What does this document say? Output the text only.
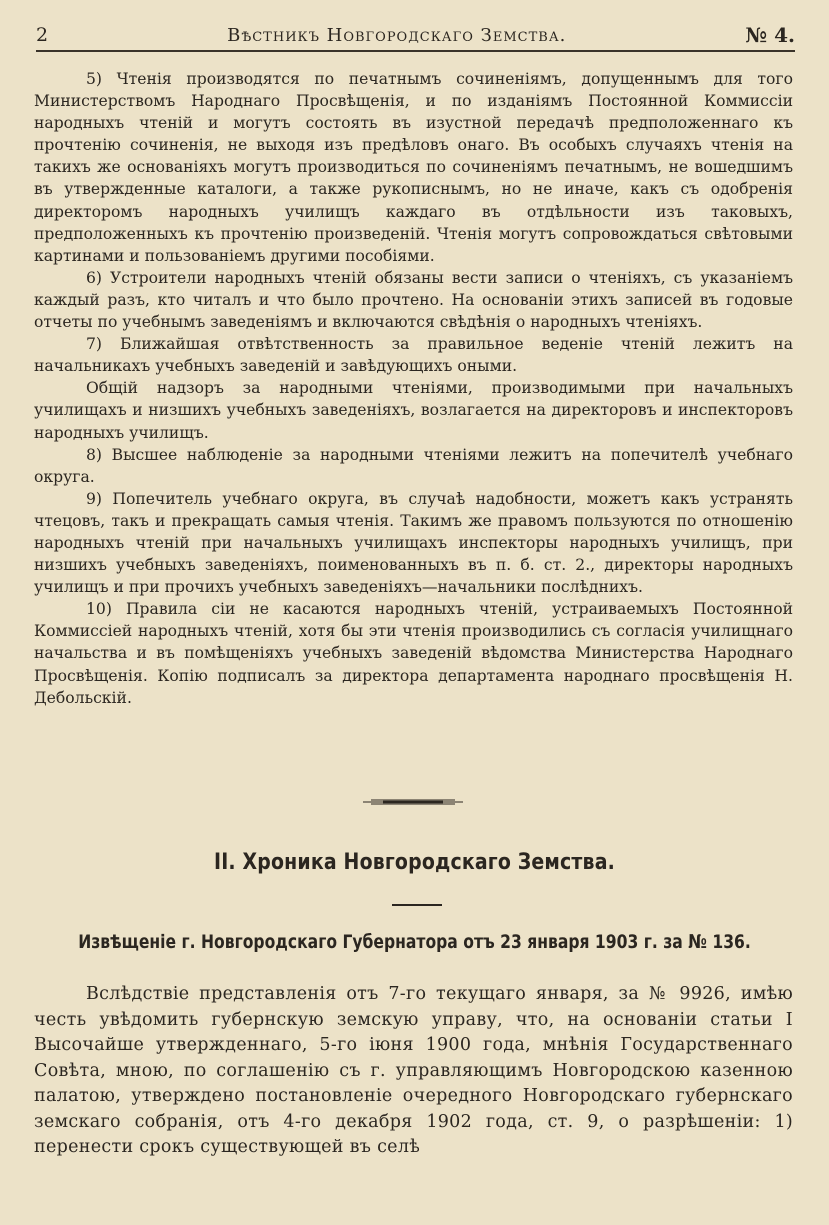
2	Вѣстникъ Новгородскаго Земства.	№ 4.

5) Чтенія производятся по печатнымъ сочиненіямъ, допущеннымъ для того Министерствомъ Народнаго Просвѣщенія, и по изданіямъ Постоянной Коммиссіи народныхъ чтеній и могутъ состоять въ изустной передачѣ предположеннаго къ прочтенію сочиненія, не выходя изъ предѣловъ онаго. Въ особыхъ случаяхъ чтенія на такихъ же основаніяхъ могутъ производиться по сочиненіямъ печатнымъ, не вошедшимъ въ утвержденные каталоги, а также рукописнымъ, но не иначе, какъ съ одобренія директоромъ народныхъ училищъ каждаго въ отдѣльности изъ таковыхъ, предположенныхъ къ прочтенію произведеній. Чтенія могутъ сопровождаться свѣтовыми картинами и пользованіемъ другими пособіями.

6) Устроители народныхъ чтеній обязаны вести записи о чтеніяхъ, съ указаніемъ каждый разъ, кто читалъ и что было прочтено. На основаніи этихъ записей въ годовые отчеты по учебнымъ заведеніямъ и включаются свѣдѣнія о народныхъ чтеніяхъ.

7) Ближайшая отвѣтственность за правильное веденіе чтеній лежитъ на начальникахъ учебныхъ заведеній и завѣдующихъ оными.

Общій надзоръ за народными чтеніями, производимыми при начальныхъ училищахъ и низшихъ учебныхъ заведеніяхъ, возлагается на директоровъ и инспекторовъ народныхъ училищъ.

8) Высшее наблюденіе за народными чтеніями лежитъ на попечителѣ учебнаго округа.

9) Попечитель учебнаго округа, въ случаѣ надобности, можетъ какъ устранять чтецовъ, такъ и прекращать самыя чтенія. Такимъ же правомъ пользуются по отношенію народныхъ чтеній при начальныхъ училищахъ инспекторы народныхъ училищъ, при низшихъ учебныхъ заведеніяхъ, поименованныхъ въ п. б. ст. 2., директоры народныхъ училищъ и при прочихъ учебныхъ заведеніяхъ—начальники послѣднихъ.

10) Правила сіи не касаются народныхъ чтеній, устраиваемыхъ Постоянной Коммиссіей народныхъ чтеній, хотя бы эти чтенія производились съ согласія училищнаго начальства и въ помѣщеніяхъ учебныхъ заведеній вѣдомства Министерства Народнаго Просвѣщенія. Копію подписалъ за директора департамента народнаго просвѣщенія Н. Дебольскій.

II. Хроника Новгородскаго Земства.
Извѣщеніе г. Новгородскаго Губернатора отъ 23 января 1903 г. за № 136.

Вслѣдствіе представленія отъ 7-го текущаго января, за № 9926, имѣю честь увѣдомить губернскую земскую управу, что, на основаніи статьи I Высочайше утвержденнаго, 5-го іюня 1900 года, мнѣнія Государственнаго Совѣта, мною, по соглашенію съ г. управляющимъ Новгородскою казенною палатою, утверждено постановленіе очередного Новгородскаго губернскаго земскаго собранія, отъ 4-го декабря 1902 года, ст. 9, о разрѣшеніи: 1) перенести срокъ существующей въ селѣ
